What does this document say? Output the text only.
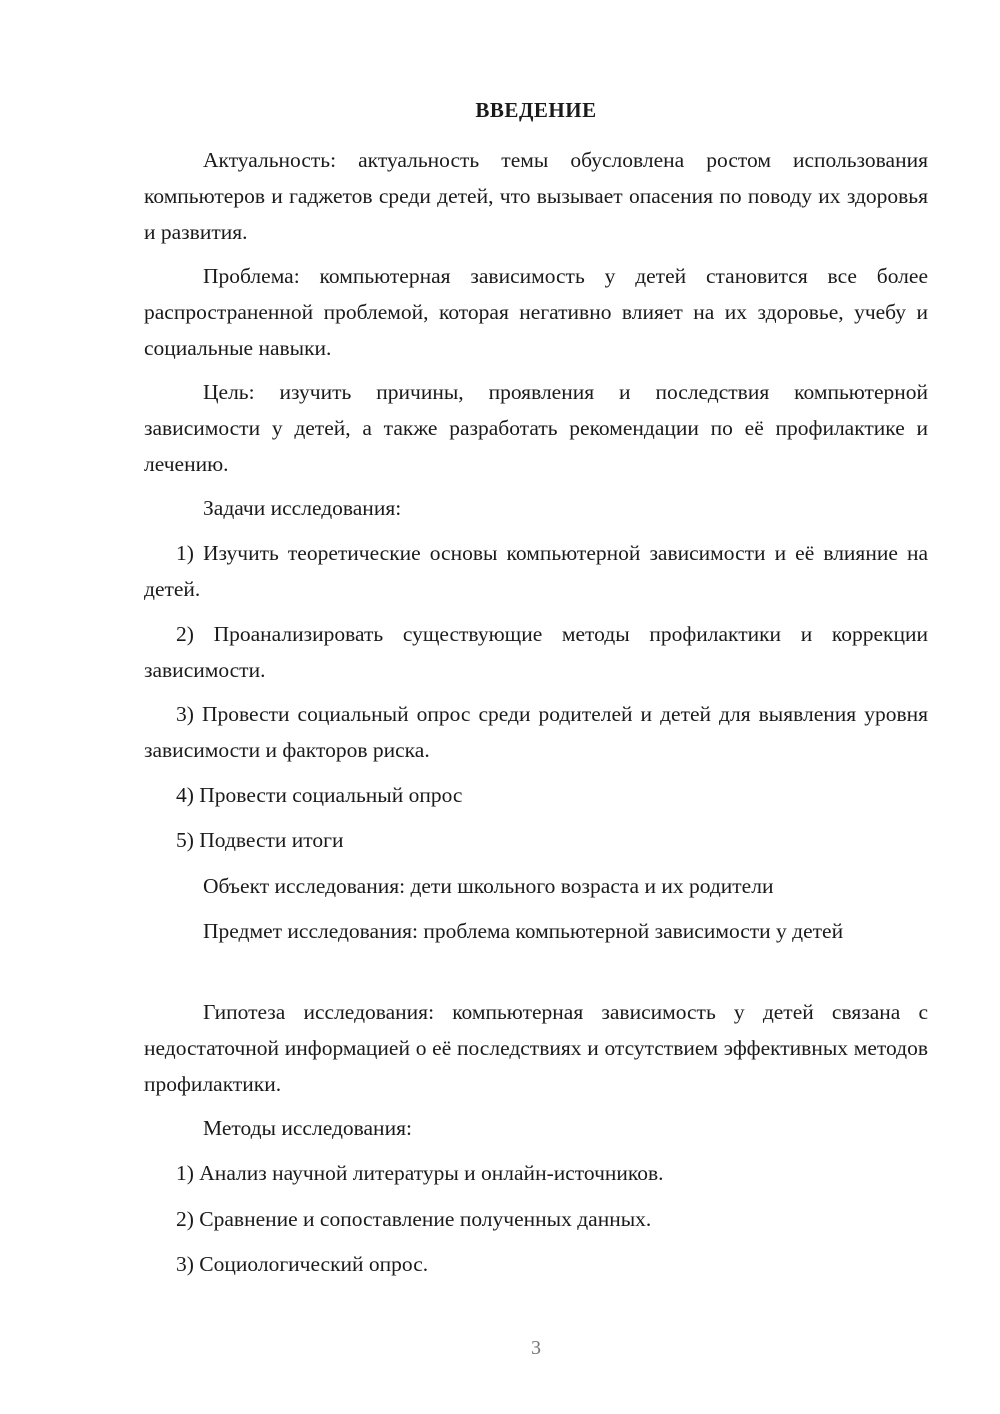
ВВЕДЕНИЕ

Актуальность: актуальность темы обусловлена ростом использования компьютеров и гаджетов среди детей, что вызывает опасения по поводу их здоровья и развития.

Проблема: компьютерная зависимость у детей становится все более распространенной проблемой, которая негативно влияет на их здоровье, учебу и социальные навыки.

Цель: изучить причины, проявления и последствия компьютерной зависимости у детей, а также разработать рекомендации по её профилактике и лечению.

Задачи исследования:

1) Изучить теоретические основы компьютерной зависимости и её влияние на детей.

2) Проанализировать существующие методы профилактики и коррекции зависимости.

3) Провести социальный опрос среди родителей и детей для выявления уровня зависимости и факторов риска.

4) Провести социальный опрос

5) Подвести итоги

Объект исследования: дети школьного возраста и их родители

Предмет исследования: проблема компьютерной зависимости у детей

Гипотеза исследования: компьютерная зависимость у детей связана с недостаточной информацией о её последствиях и отсутствием эффективных методов профилактики.

Методы исследования:

1) Анализ научной литературы и онлайн-источников.

2) Сравнение и сопоставление полученных данных.

3) Социологический опрос.

3
